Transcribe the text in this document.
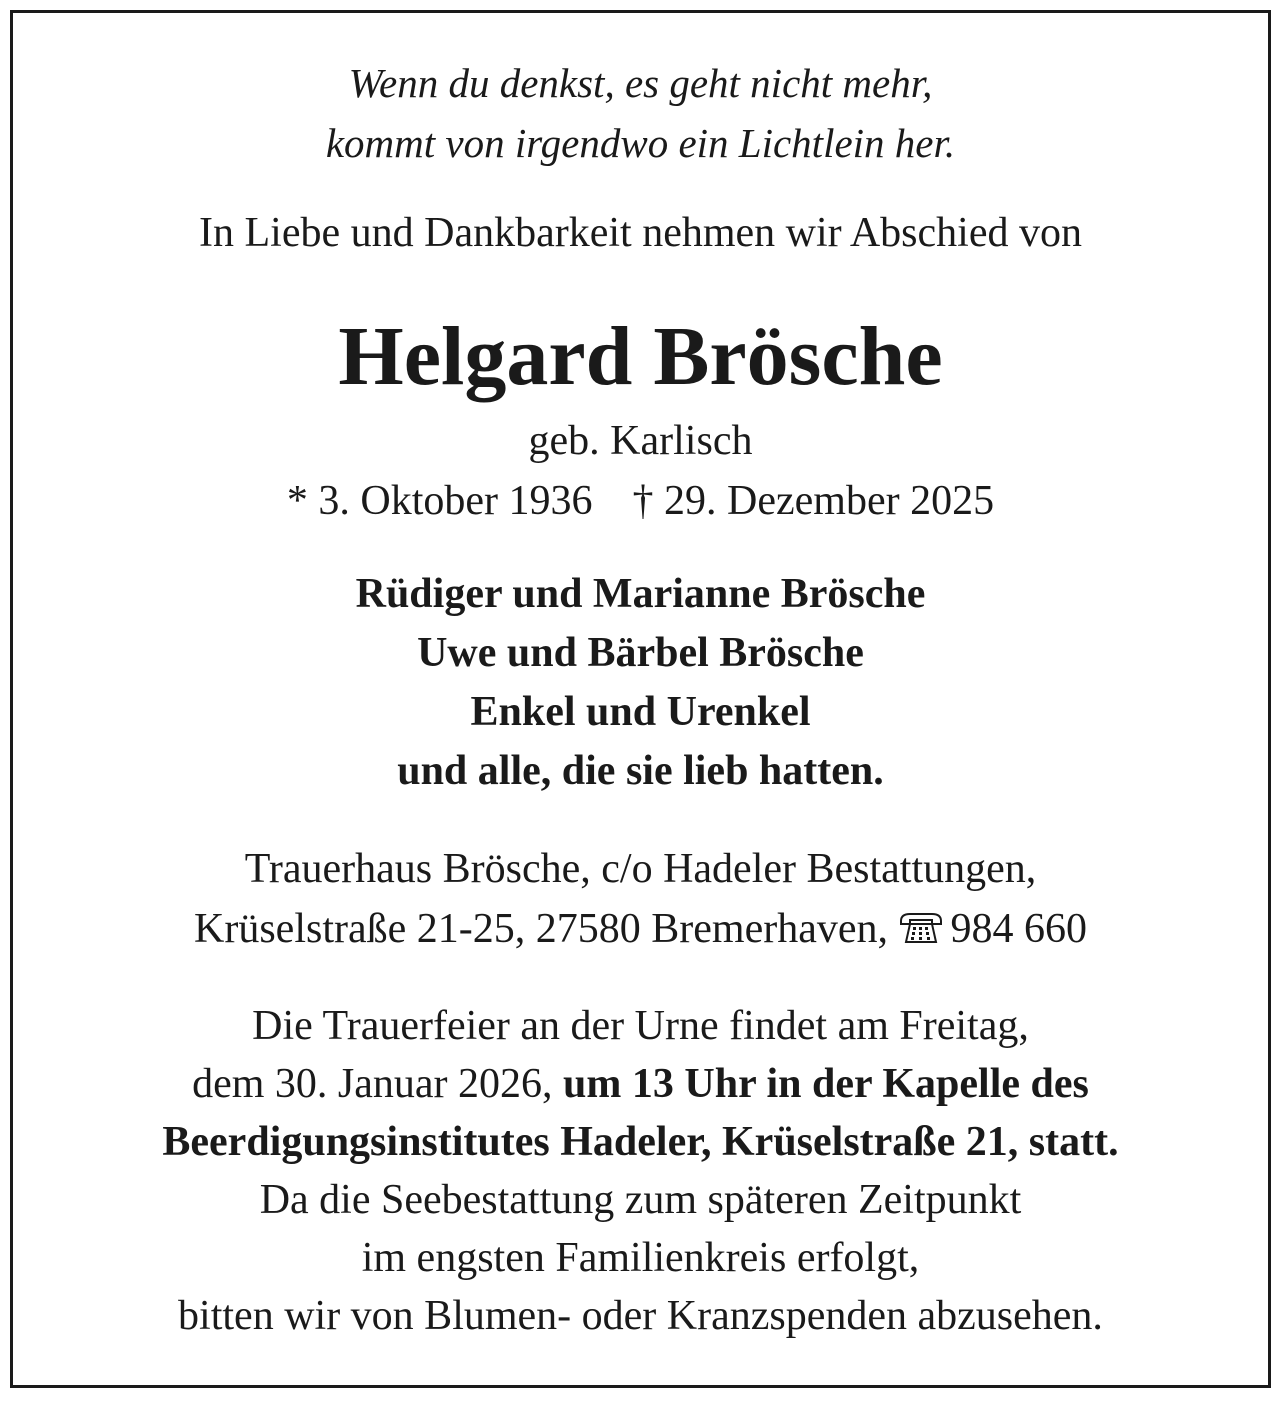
Wenn du denkst, es geht nicht mehr,
kommt von irgendwo ein Lichtlein her.
In Liebe und Dankbarkeit nehmen wir Abschied von
Helgard Brösche
geb. Karlisch
* 3. Oktober 1936 † 29. Dezember 2025
Rüdiger und Marianne Brösche
Uwe und Bärbel Brösche
Enkel und Urenkel
und alle, die sie lieb hatten.
Trauerhaus Brösche, c/o Hadeler Bestattungen,
Krüselstraße 21-25, 27580 Bremerhaven, 984 660
Die Trauerfeier an der Urne findet am Freitag,
dem 30. Januar 2026, um 13 Uhr in der Kapelle des
Beerdigungsinstitutes Hadeler, Krüselstraße 21, statt.
Da die Seebestattung zum späteren Zeitpunkt
im engsten Familienkreis erfolgt,
bitten wir von Blumen- oder Kranzspenden abzusehen.
